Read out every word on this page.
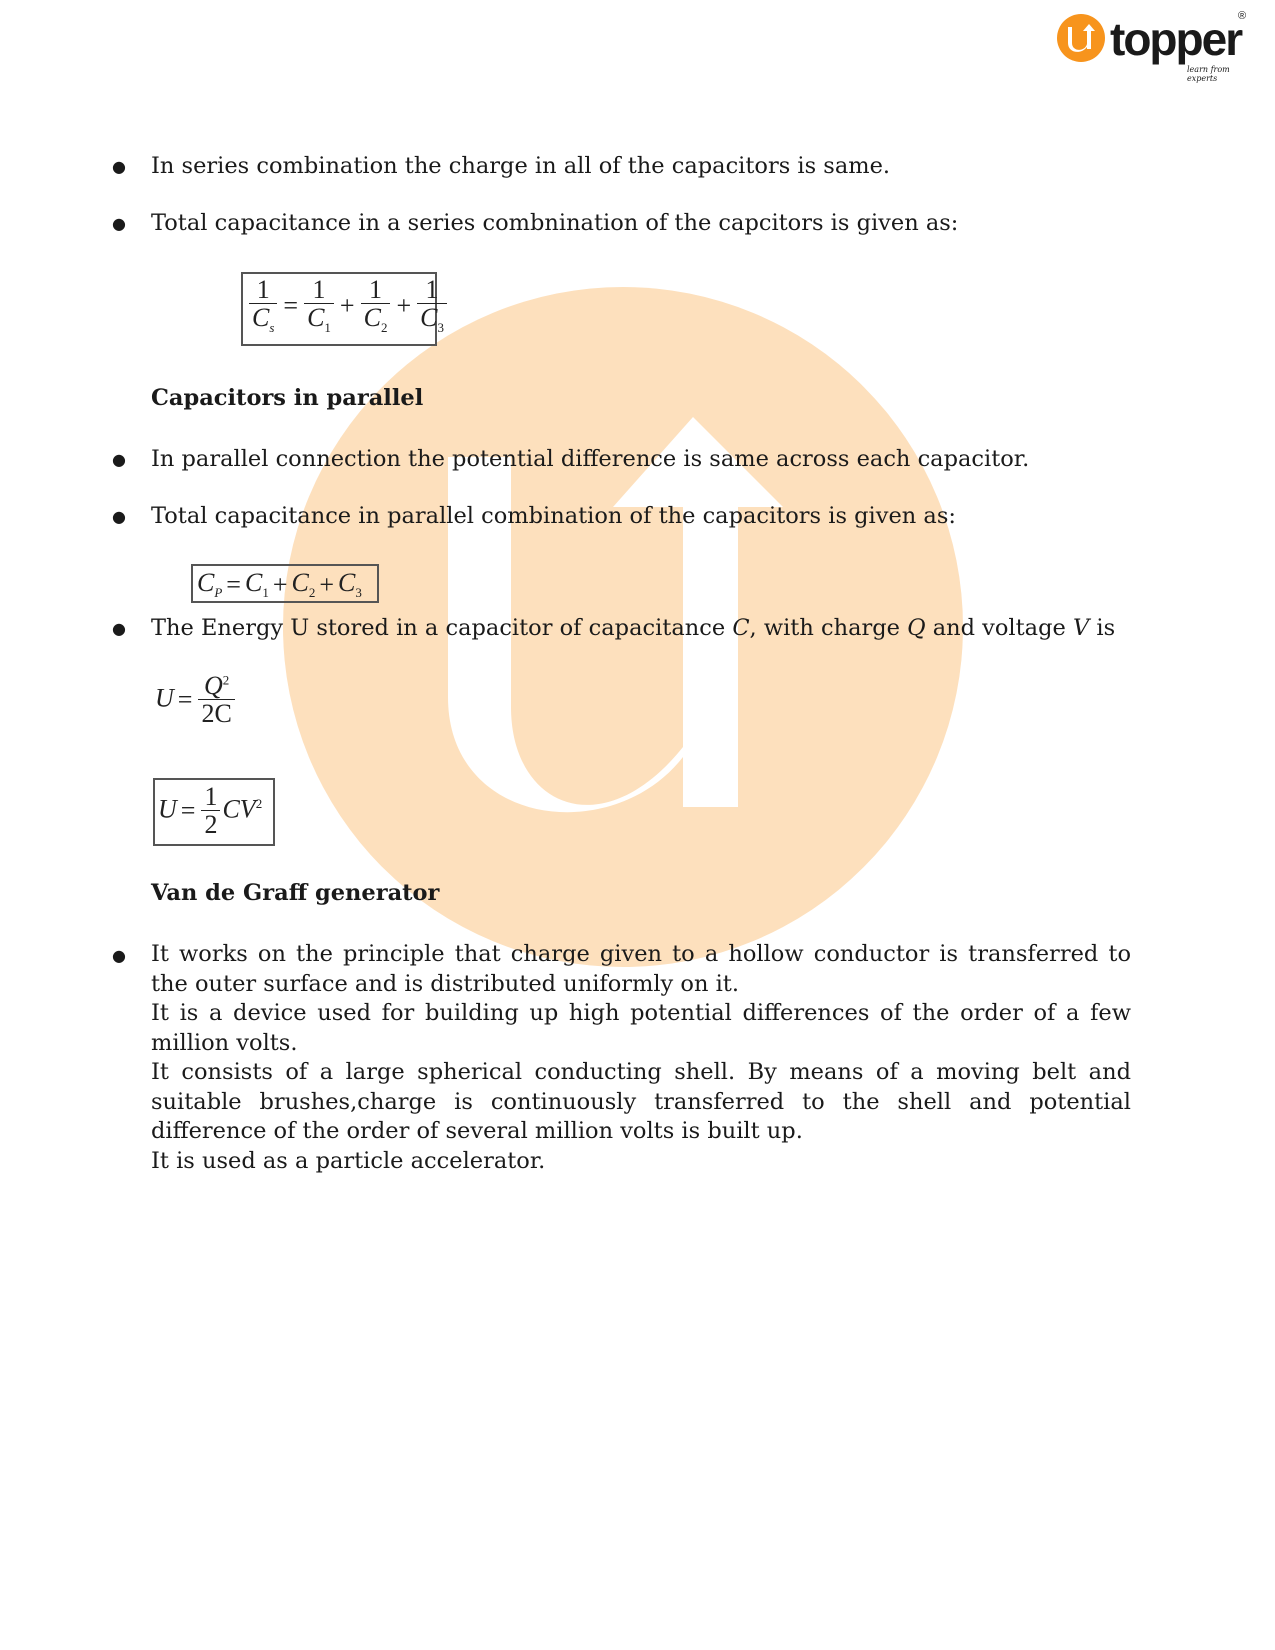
topper
®
learn from experts
● In series combination the charge in all of the capacitors is same.
● Total capacitance in a series combnination of the capcitors is given as:
$\frac{1}{C_s} = \frac{1}{C_1} + \frac{1}{C_2} + \frac{1}{C_3}$
Capacitors in parallel
● In parallel connection the potential difference is same across each capacitor.
● Total capacitance in parallel combination of the capacitors is given as:
$C_P = C_1 + C_2 + C_3$
● The Energy U stored in a capacitor of capacitance C, with charge Q and voltage V is
$U = \frac{Q^2}{2C}$
$U = \frac{1}{2} CV^2$
Van de Graff generator
● It works on the principle that charge given to a hollow conductor is transferred to the outer surface and is distributed uniformly on it.

It is a device used for building up high potential differences of the order of a few million volts.

It consists of a large spherical conducting shell. By means of a moving belt and suitable brushes,charge is continuously transferred to the shell and potential difference of the order of several million volts is built up.

It is used as a particle accelerator.
